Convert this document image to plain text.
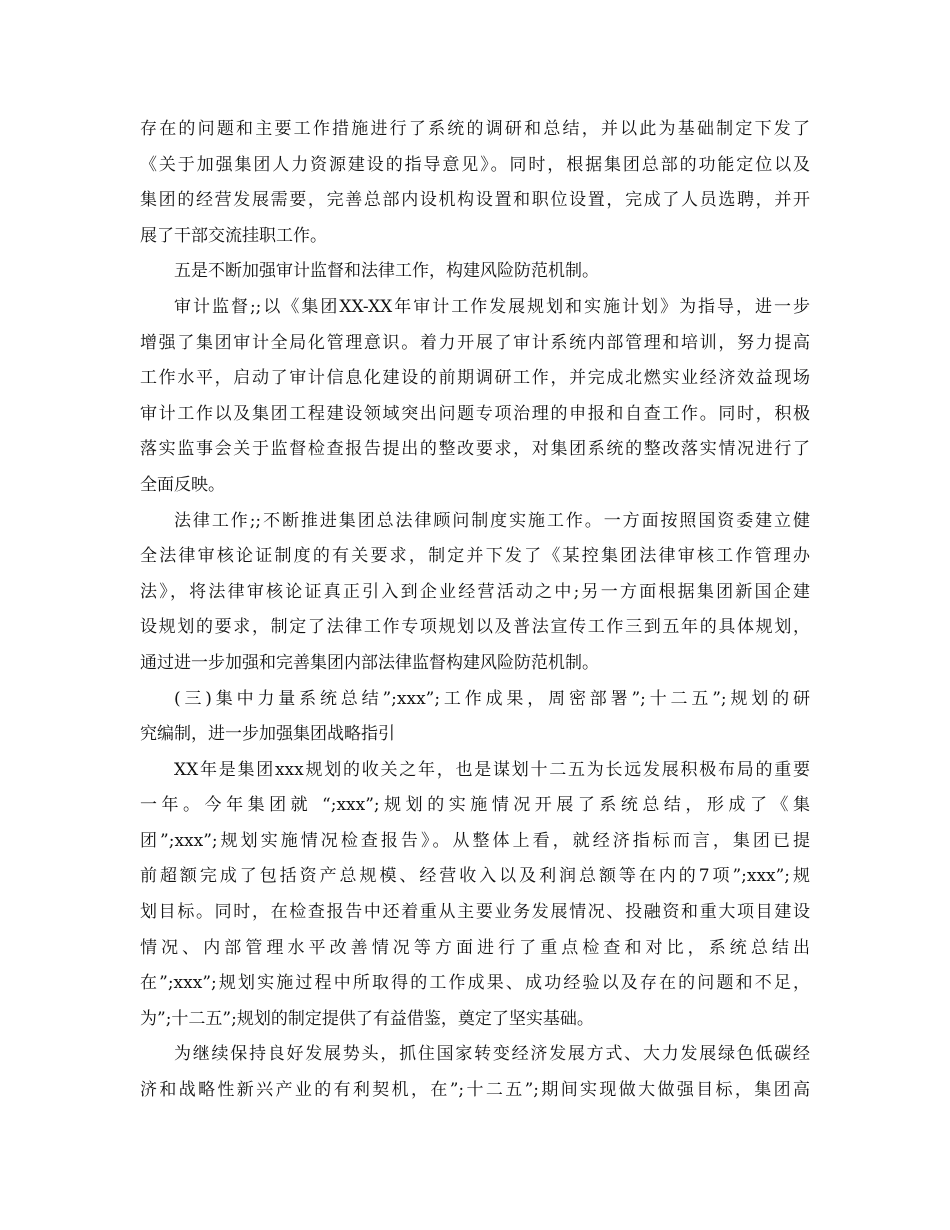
存在的问题和主要工作措施进行了系统的调研和总结，并以此为基础制定下发了
《关于加强集团人力资源建设的指导意见》。同时，根据集团总部的功能定位以及
集团的经营发展需要，完善总部内设机构设置和职位设置，完成了人员选聘，并开
展了干部交流挂职工作。
五是不断加强审计监督和法律工作，构建风险防范机制。
审计监督;;以《集团XX-XX年审计工作发展规划和实施计划》为指导，进一步
增强了集团审计全局化管理意识。着力开展了审计系统内部管理和培训，努力提高
工作水平，启动了审计信息化建设的前期调研工作，并完成北燃实业经济效益现场
审计工作以及集团工程建设领域突出问题专项治理的申报和自查工作。同时，积极
落实监事会关于监督检查报告提出的整改要求，对集团系统的整改落实情况进行了
全面反映。
法律工作;;不断推进集团总法律顾问制度实施工作。一方面按照国资委建立健
全法律审核论证制度的有关要求，制定并下发了《某控集团法律审核工作管理办
法》，将法律审核论证真正引入到企业经营活动之中;另一方面根据集团新国企建
设规划的要求，制定了法律工作专项规划以及普法宣传工作三到五年的具体规划，
通过进一步加强和完善集团内部法律监督构建风险防范机制。
(三)集中力量系统总结”;xxx”;工作成果，周密部署”;十二五”;规划的研
究编制，进一步加强集团战略指引
XX年是集团xxx规划的收关之年，也是谋划十二五为长远发展积极布局的重要
一年。今年集团就 “;xxx”;规划的实施情况开展了系统总结，形成了《集
团”;xxx”;规划实施情况检查报告》。从整体上看，就经济指标而言，集团已提
前超额完成了包括资产总规模、经营收入以及利润总额等在内的7项”;xxx”;规
划目标。同时，在检查报告中还着重从主要业务发展情况、投融资和重大项目建设
情况、内部管理水平改善情况等方面进行了重点检查和对比，系统总结出
在”;xxx”;规划实施过程中所取得的工作成果、成功经验以及存在的问题和不足，
为”;十二五”;规划的制定提供了有益借鉴，奠定了坚实基础。
为继续保持良好发展势头，抓住国家转变经济发展方式、大力发展绿色低碳经
济和战略性新兴产业的有利契机，在”;十二五”;期间实现做大做强目标，集团高
